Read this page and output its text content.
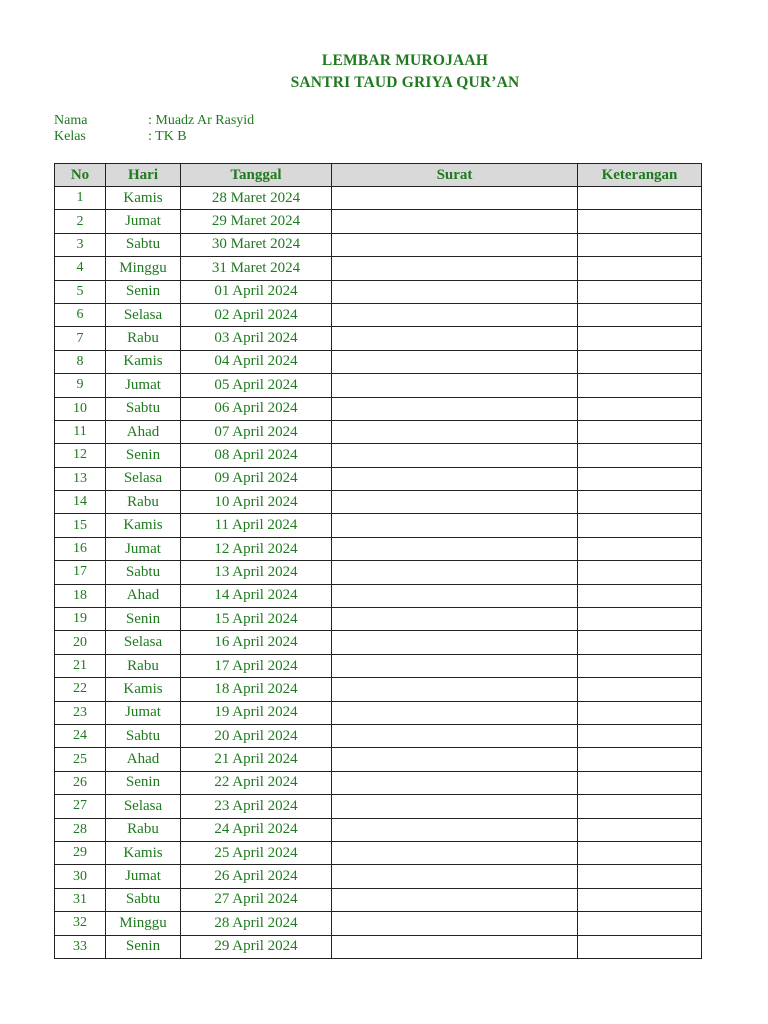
LEMBAR MUROJAAH
SANTRI TAUD GRIYA QUR’AN
Nama	: Muadz Ar Rasyid
Kelas	: TK B
No	Hari	Tanggal	Surat	Keterangan
1	Kamis	28 Maret 2024		
2	Jumat	29 Maret 2024		
3	Sabtu	30 Maret 2024		
4	Minggu	31 Maret 2024		
5	Senin	01 April 2024		
6	Selasa	02 April 2024		
7	Rabu	03 April 2024		
8	Kamis	04 April 2024		
9	Jumat	05 April 2024		
10	Sabtu	06 April 2024		
11	Ahad	07 April 2024		
12	Senin	08 April 2024		
13	Selasa	09 April 2024		
14	Rabu	10 April 2024		
15	Kamis	11 April 2024		
16	Jumat	12 April 2024		
17	Sabtu	13 April 2024		
18	Ahad	14 April 2024		
19	Senin	15 April 2024		
20	Selasa	16 April 2024		
21	Rabu	17 April 2024		
22	Kamis	18 April 2024		
23	Jumat	19 April 2024		
24	Sabtu	20 April 2024		
25	Ahad	21 April 2024		
26	Senin	22 April 2024		
27	Selasa	23 April 2024		
28	Rabu	24 April 2024		
29	Kamis	25 April 2024		
30	Jumat	26 April 2024		
31	Sabtu	27 April 2024		
32	Minggu	28 April 2024		
33	Senin	29 April 2024		
